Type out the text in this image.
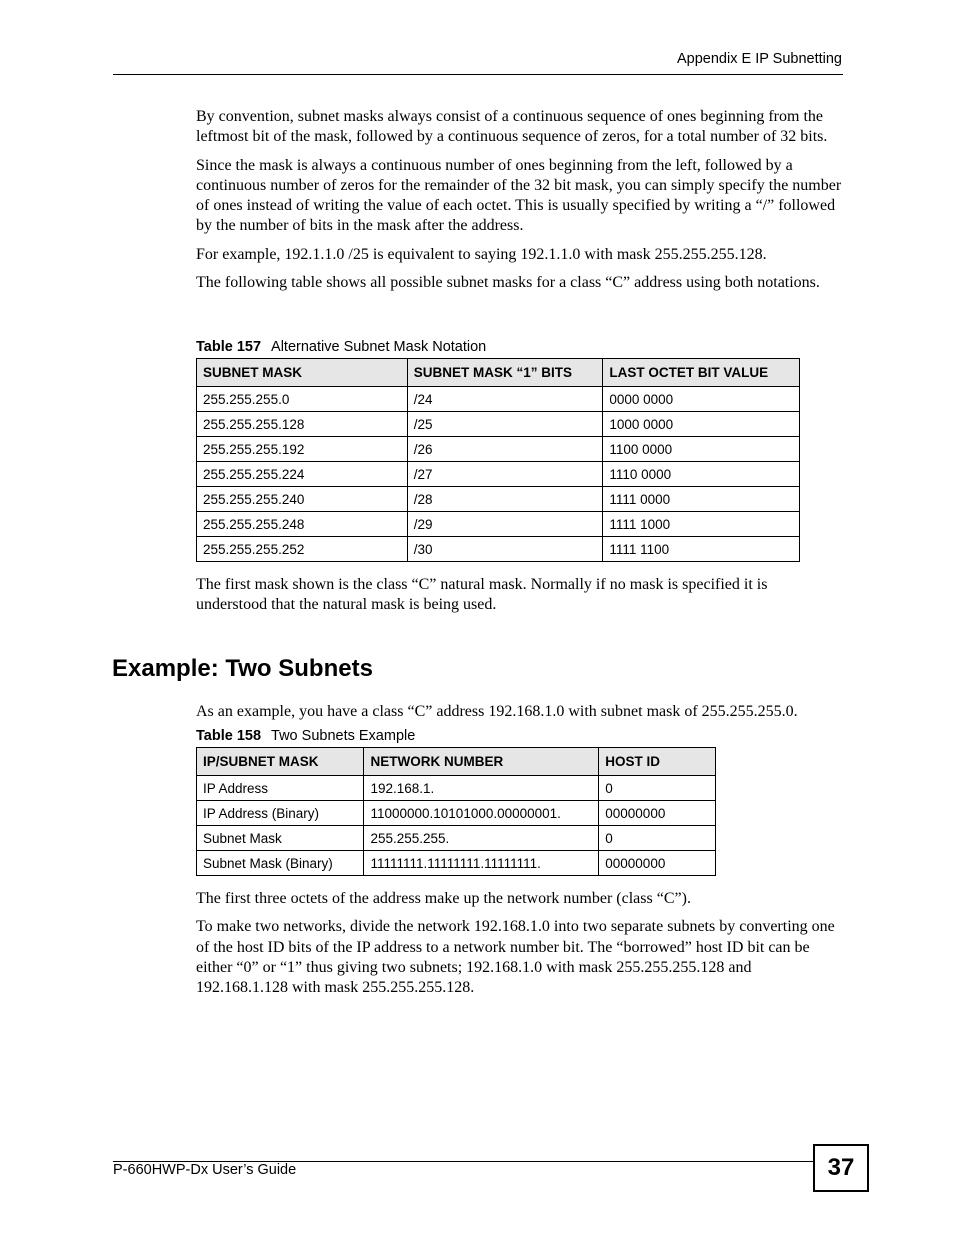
Appendix E IP Subnetting

By convention, subnet masks always consist of a continuous sequence of ones beginning from the leftmost bit of the mask, followed by a continuous sequence of zeros, for a total number of 32 bits.

Since the mask is always a continuous number of ones beginning from the left, followed by a continuous number of zeros for the remainder of the 32 bit mask, you can simply specify the number of ones instead of writing the value of each octet. This is usually specified by writing a “/” followed by the number of bits in the mask after the address.

For example, 192.1.1.0 /25 is equivalent to saying 192.1.1.0 with mask 255.255.255.128.

The following table shows all possible subnet masks for a class “C” address using both notations.

Table 157 Alternative Subnet Mask Notation
SUBNET MASK	SUBNET MASK “1” BITS	LAST OCTET BIT VALUE
255.255.255.0	/24	0000 0000
255.255.255.128	/25	1000 0000
255.255.255.192	/26	1100 0000
255.255.255.224	/27	1110 0000
255.255.255.240	/28	1111 0000
255.255.255.248	/29	1111 1000
255.255.255.252	/30	1111 1100

The first mask shown is the class “C” natural mask. Normally if no mask is specified it is understood that the natural mask is being used.

Example: Two Subnets

As an example, you have a class “C” address 192.168.1.0 with subnet mask of 255.255.255.0.

Table 158 Two Subnets Example
IP/SUBNET MASK	NETWORK NUMBER	HOST ID
IP Address	192.168.1.	0
IP Address (Binary)	11000000.10101000.00000001.	00000000
Subnet Mask	255.255.255.	0
Subnet Mask (Binary)	11111111.11111111.11111111.	00000000

The first three octets of the address make up the network number (class “C”).

To make two networks, divide the network 192.168.1.0 into two separate subnets by converting one of the host ID bits of the IP address to a network number bit. The “borrowed” host ID bit can be either “0” or “1” thus giving two subnets; 192.168.1.0 with mask 255.255.255.128 and 192.168.1.128 with mask 255.255.255.128.

P-660HWP-Dx User’s Guide	37
